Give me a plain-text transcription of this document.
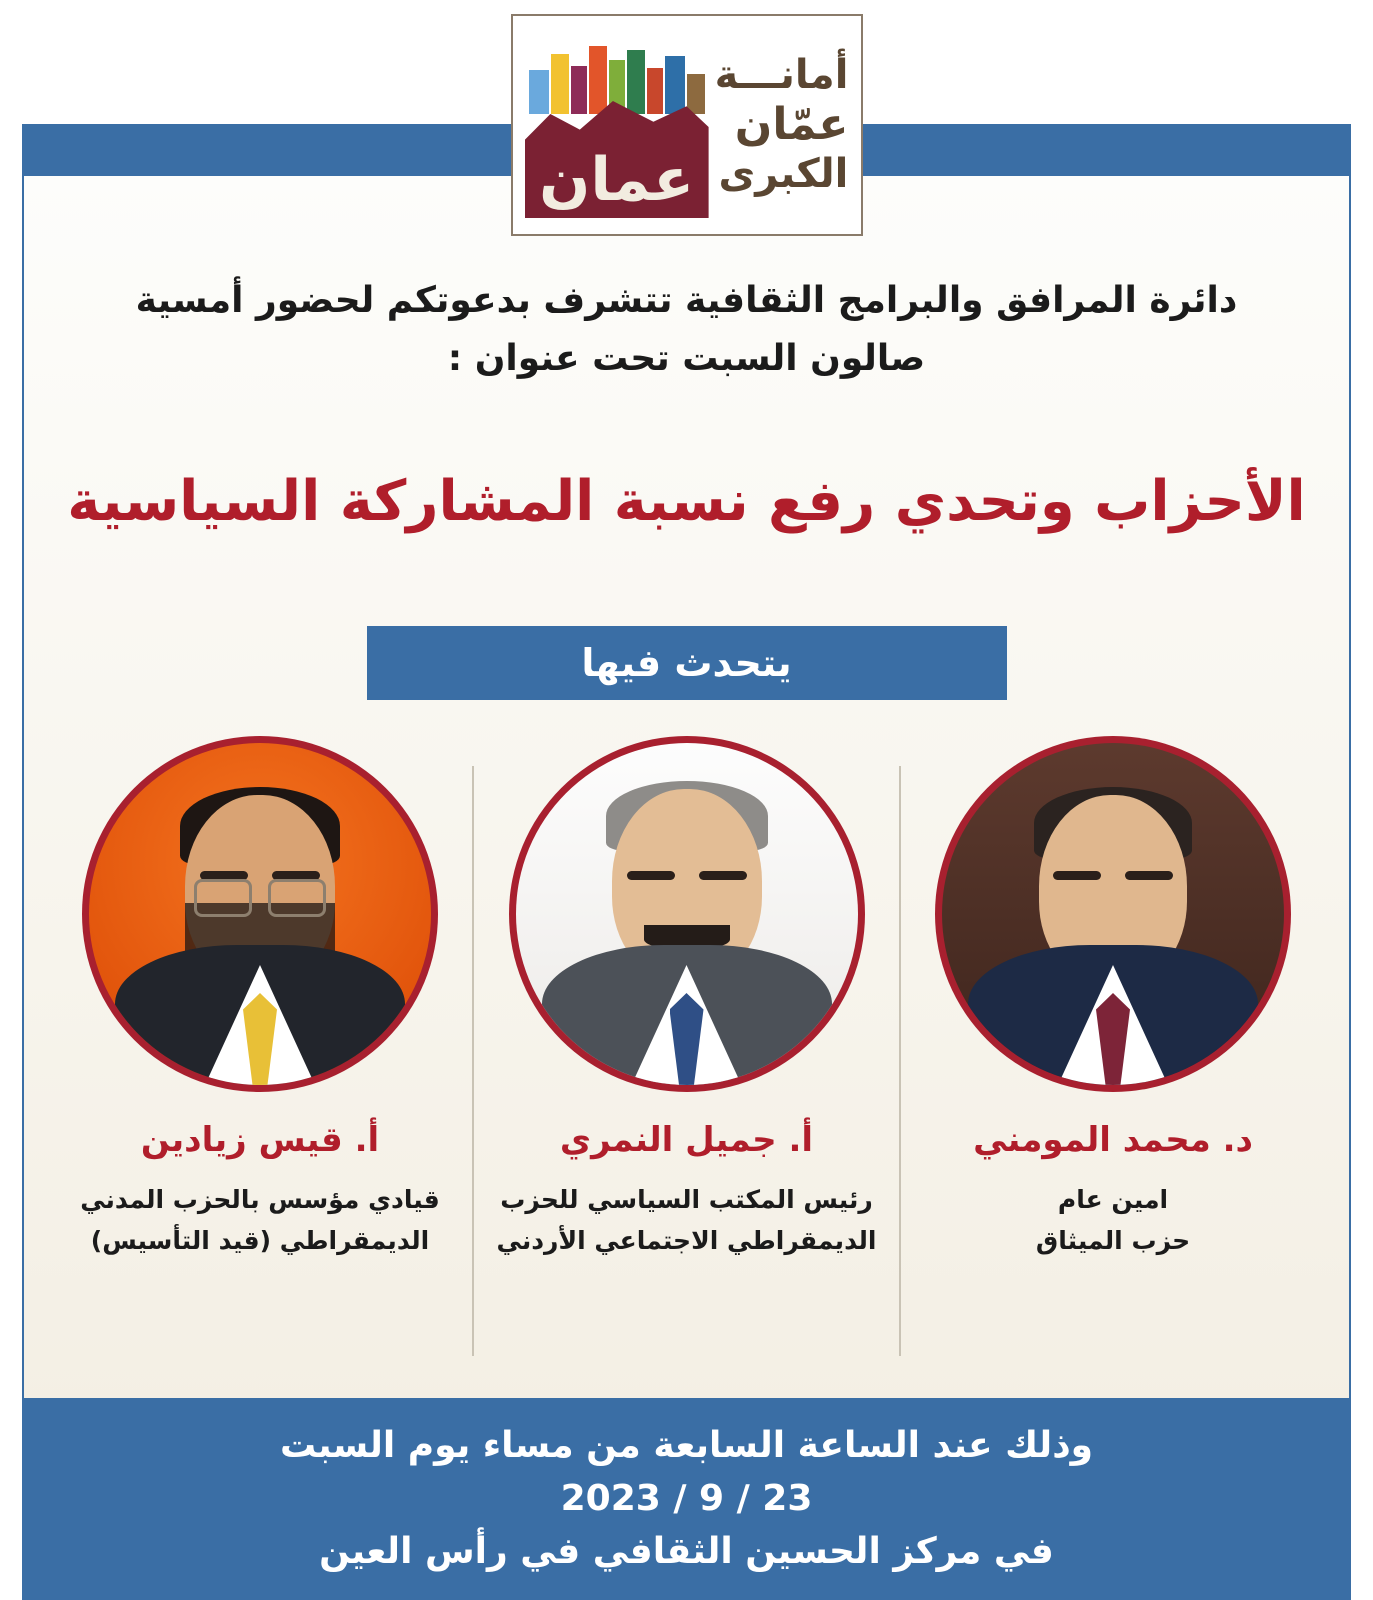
دائرة المرافق والبرامج الثقافية تتشرف بدعوتكم لحضور أمسية صالون السبت تحت عنوان :
الأحزاب وتحدي رفع نسبة المشاركة السياسية
يتحدث فيها
د. محمد المومني
امين عام
حزب الميثاق
أ. جميل النمري
رئيس المكتب السياسي للحزب
الديمقراطي الاجتماعي الأردني
أ. قيس زيادين
قيادي مؤسس بالحزب المدني
الديمقراطي (قيد التأسيس)
وذلك عند الساعة السابعة من مساء يوم السبت
23 / 9 / 2023
في مركز الحسين الثقافي في رأس العين
أمانـــة
عمّان
الكبرى
عمان
